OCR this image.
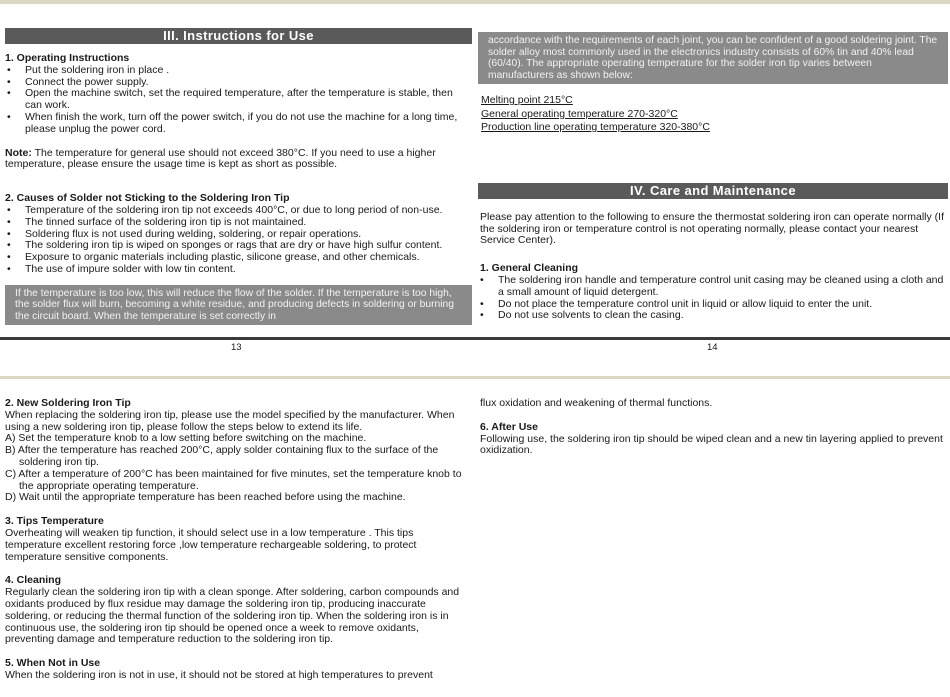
III. Instructions for Use

1. Operating Instructions

• Put the soldering iron in place .
• Connect the power supply.
• Open the machine switch, set the required temperature, after the temperature is stable, then can work.
• When finish the work, turn off the power switch, if you do not use the machine for a long time, please unplug the power cord.

Note: The temperature for general use should not exceed 380°C. If you need to use a higher temperature, please ensure the usage time is kept as short as possible.

2. Causes of Solder not Sticking to the Soldering Iron Tip

• Temperature of the soldering iron tip not exceeds 400°C, or due to long period of non-use.
• The tinned surface of the soldering iron tip is not maintained.
• Soldering flux is not used during welding, soldering, or repair operations.
• The soldering iron tip is wiped on sponges or rags that are dry or have high sulfur content.
• Exposure to organic materials including plastic, silicone grease, and other chemicals.
• The use of impure solder with low tin content.
If the temperature is too low, this will reduce the flow of the solder. If the temperature is too high, the solder flux will burn, becoming a white residue, and producing defects in soldering or burning the circuit board. When the temperature is set correctly in
13
accordance with the requirements of each joint, you can be confident of a good soldering joint. The solder alloy most commonly used in the electronics industry consists of 60% tin and 40% lead (60/40). The appropriate operating temperature for the solder iron tip varies between manufacturers as shown below:
Melting point 215°C
General operating temperature 270-320°C
Production line operating temperature 320-380°C
IV. Care and Maintenance

Please pay attention to the following to ensure the thermostat soldering iron can operate normally (If the soldering iron or temperature control is not operating normally, please contact your nearest Service Center).

1. General Cleaning

• The soldering iron handle and temperature control unit casing may be cleaned using a cloth and a small amount of liquid detergent.
• Do not place the temperature control unit in liquid or allow liquid to enter the unit.
• Do not use solvents to clean the casing.
14

2. New Soldering Iron Tip

When replacing the soldering iron tip, please use the model specified by the manufacturer. When using a new soldering iron tip, please follow the steps below to extend its life.

A) Set the temperature knob to a low setting before switching on the machine.

B) After the temperature has reached 200°C, apply solder containing flux to the surface of the soldering iron tip.

C) After a temperature of 200°C has been maintained for five minutes, set the temperature knob to the appropriate operating temperature.

D) Wait until the appropriate temperature has been reached before using the machine.

3. Tips Temperature

Overheating will weaken tip function, it should select use in a low temperature . This tips temperature excellent restoring force ,low temperature rechargeable soldering, to protect temperature sensitive components.

4. Cleaning

Regularly clean the soldering iron tip with a clean sponge. After soldering, carbon compounds and oxidants produced by flux residue may damage the soldering iron tip, producing inaccurate soldering, or reducing the thermal function of the soldering iron tip. When the soldering iron is in continuous use, the soldering iron tip should be opened once a week to remove oxidants, preventing damage and temperature reduction to the soldering iron tip.

5. When Not in Use

When the soldering iron is not in use, it should not be stored at high temperatures to prevent

flux oxidation and weakening of thermal functions.

6. After Use

Following use, the soldering iron tip should be wiped clean and a new tin layering applied to prevent oxidization.
